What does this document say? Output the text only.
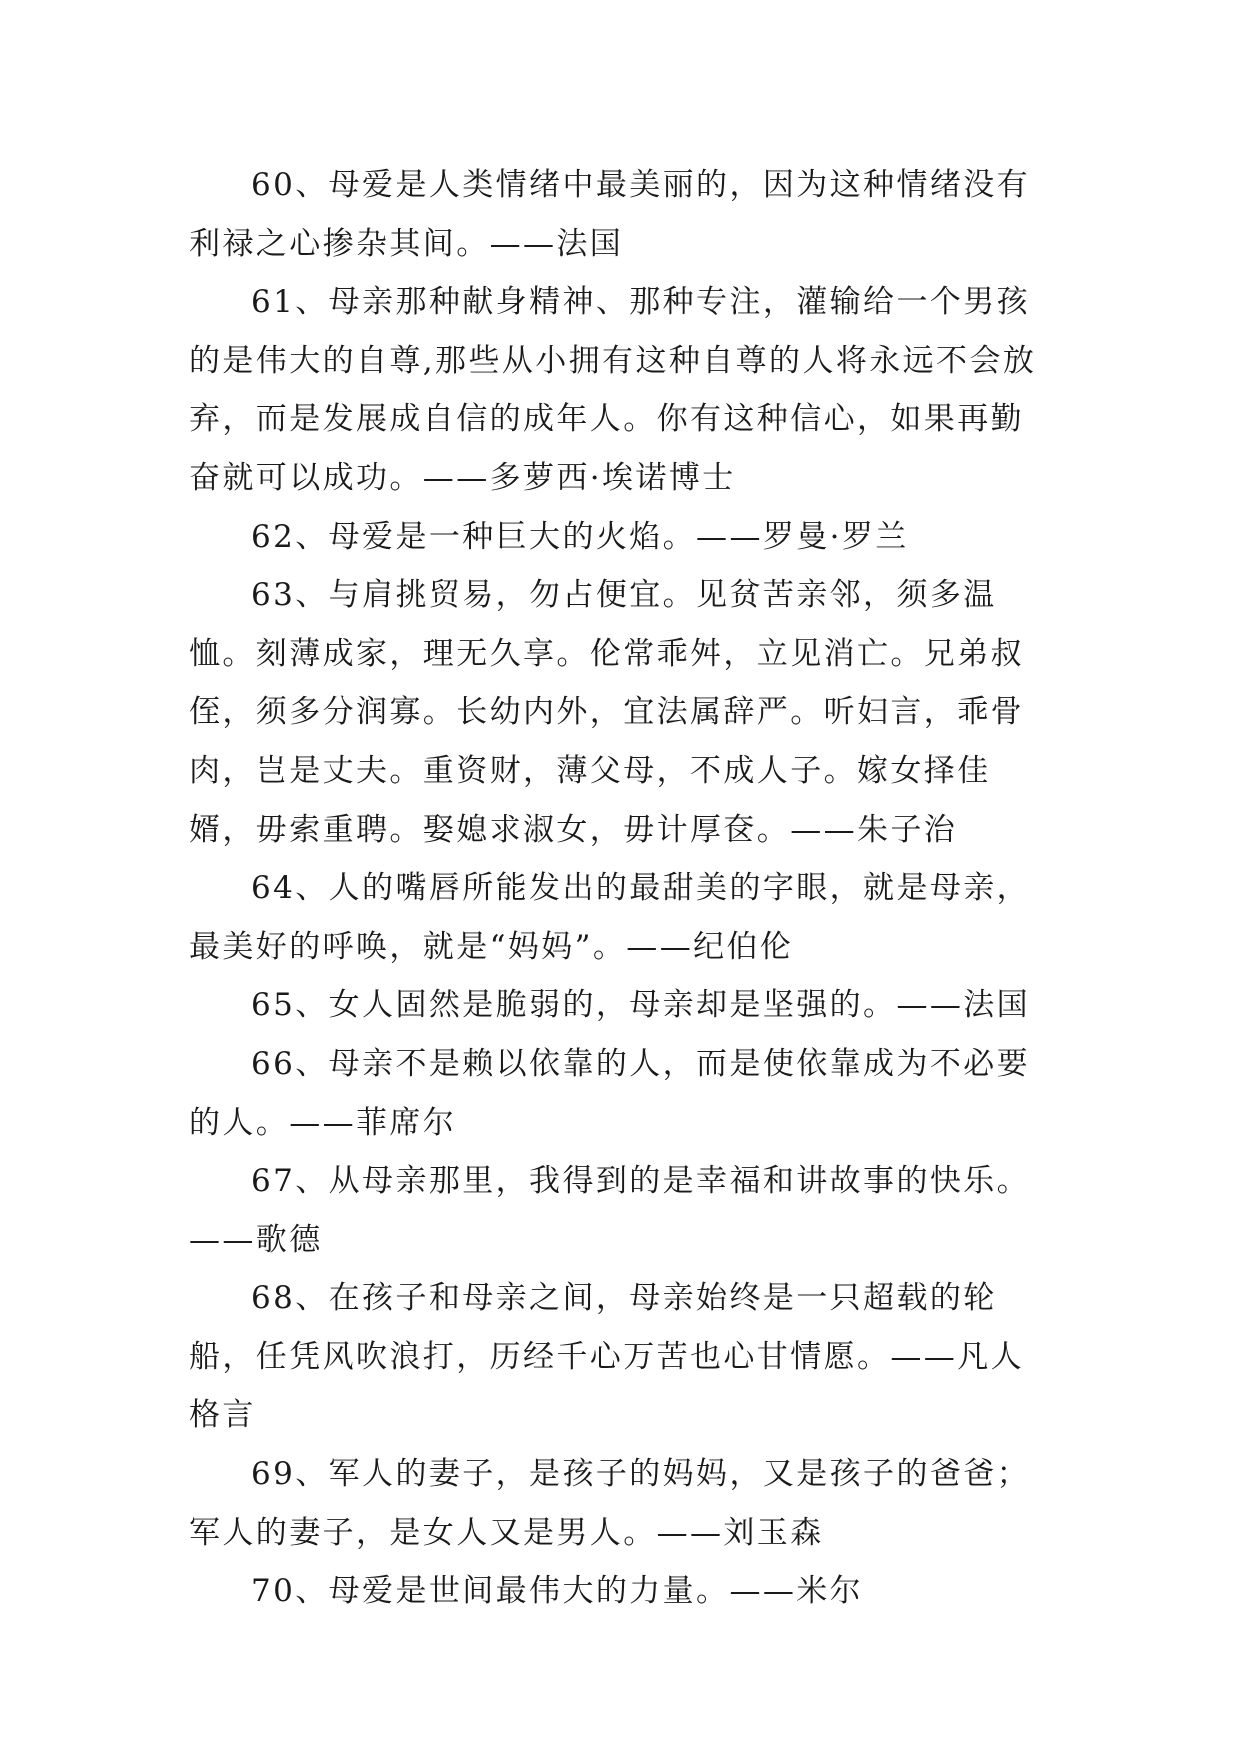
60、母爱是人类情绪中最美丽的，因为这种情绪没有利禄之心掺杂其间。——法国

61、母亲那种献身精神、那种专注，灌输给一个男孩的是伟大的自尊,那些从小拥有这种自尊的人将永远不会放弃，而是发展成自信的成年人。你有这种信心，如果再勤奋就可以成功。——多萝西·埃诺博士

62、母爱是一种巨大的火焰。——罗曼·罗兰

63、与肩挑贸易，勿占便宜。见贫苦亲邻，须多温恤。刻薄成家，理无久享。伦常乖舛，立见消亡。兄弟叔侄，须多分润寡。长幼内外，宜法属辞严。听妇言，乖骨肉，岂是丈夫。重资财，薄父母，不成人子。嫁女择佳婿，毋索重聘。娶媳求淑女，毋计厚奁。——朱子治

64、人的嘴唇所能发出的最甜美的字眼，就是母亲，最美好的呼唤，就是“妈妈”。——纪伯伦

65、女人固然是脆弱的，母亲却是坚强的。——法国

66、母亲不是赖以依靠的人，而是使依靠成为不必要的人。——菲席尔

67、从母亲那里，我得到的是幸福和讲故事的快乐。——歌德

68、在孩子和母亲之间，母亲始终是一只超载的轮船，任凭风吹浪打，历经千心万苦也心甘情愿。——凡人格言

69、军人的妻子，是孩子的妈妈，又是孩子的爸爸；军人的妻子，是女人又是男人。——刘玉森

70、母爱是世间最伟大的力量。——米尔
